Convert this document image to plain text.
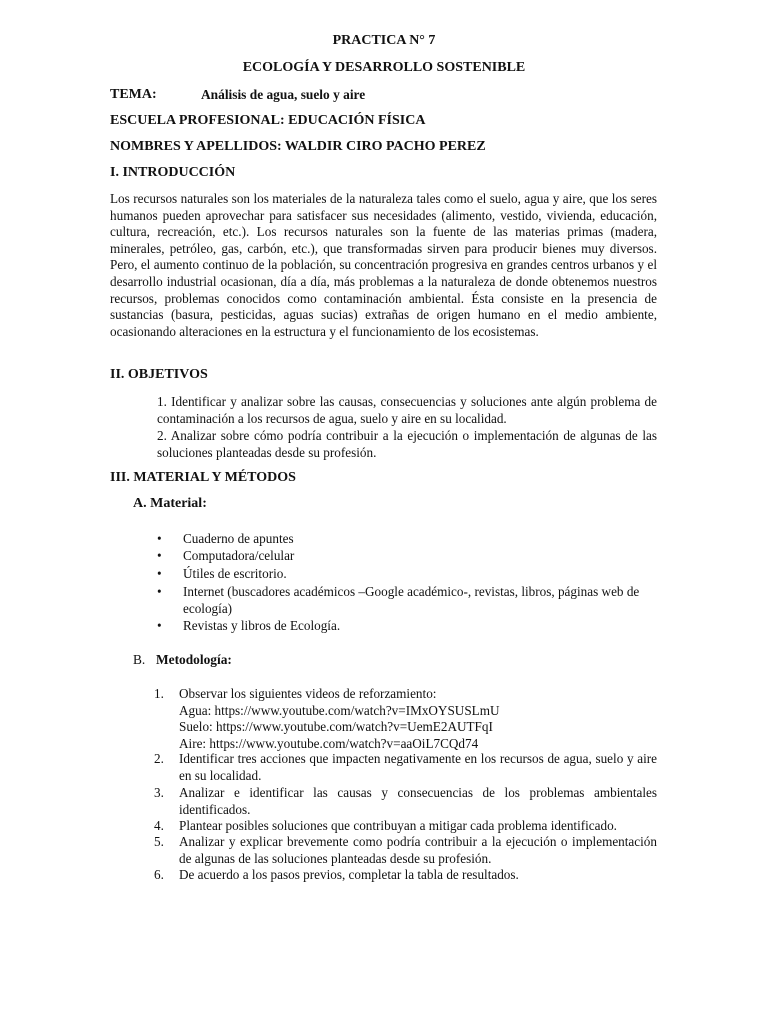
PRACTICA N° 7
ECOLOGÍA Y DESARROLLO SOSTENIBLE
TEMA:	Análisis de agua, suelo y aire
ESCUELA PROFESIONAL: EDUCACIÓN FÍSICA
NOMBRES Y APELLIDOS: WALDIR CIRO PACHO PEREZ
I. INTRODUCCIÓN
Los recursos naturales son los materiales de la naturaleza tales como el suelo, agua y aire, que los seres humanos pueden aprovechar para satisfacer sus necesidades (alimento, vestido, vivienda, educación, cultura, recreación, etc.). Los recursos naturales son la fuente de las materias primas (madera, minerales, petróleo, gas, carbón, etc.), que transformadas sirven para producir bienes muy diversos. Pero, el aumento continuo de la población, su concentración progresiva en grandes centros urbanos y el desarrollo industrial ocasionan, día a día, más problemas a la naturaleza de donde obtenemos nuestros recursos, problemas conocidos como contaminación ambiental. Ésta consiste en la presencia de sustancias (basura, pesticidas, aguas sucias) extrañas de origen humano en el medio ambiente, ocasionando alteraciones en la estructura y el funcionamiento de los ecosistemas.
II. OBJETIVOS
1. Identificar y analizar sobre las causas, consecuencias y soluciones ante algún problema de contaminación a los recursos de agua, suelo y aire en su localidad.
2. Analizar sobre cómo podría contribuir a la ejecución o implementación de algunas de las soluciones planteadas desde su profesión.
III. MATERIAL Y MÉTODOS
A. Material:
•	Cuaderno de apuntes
•	Computadora/celular
•	Útiles de escritorio.
•	Internet (buscadores académicos –Google académico-, revistas, libros, páginas web de ecología)
•	Revistas y libros de Ecología.
B. Metodología:
1. Observar los siguientes videos de reforzamiento:
Agua: https://www.youtube.com/watch?v=IMxOYSUSLmU
Suelo: https://www.youtube.com/watch?v=UemE2AUTFqI
Aire: https://www.youtube.com/watch?v=aaOiL7CQd74
2. Identificar tres acciones que impacten negativamente en los recursos de agua, suelo y aire en su localidad.
3. Analizar e identificar las causas y consecuencias de los problemas ambientales identificados.
4. Plantear posibles soluciones que contribuyan a mitigar cada problema identificado.
5. Analizar y explicar brevemente como podría contribuir a la ejecución o implementación de algunas de las soluciones planteadas desde su profesión.
6. De acuerdo a los pasos previos, completar la tabla de resultados.
